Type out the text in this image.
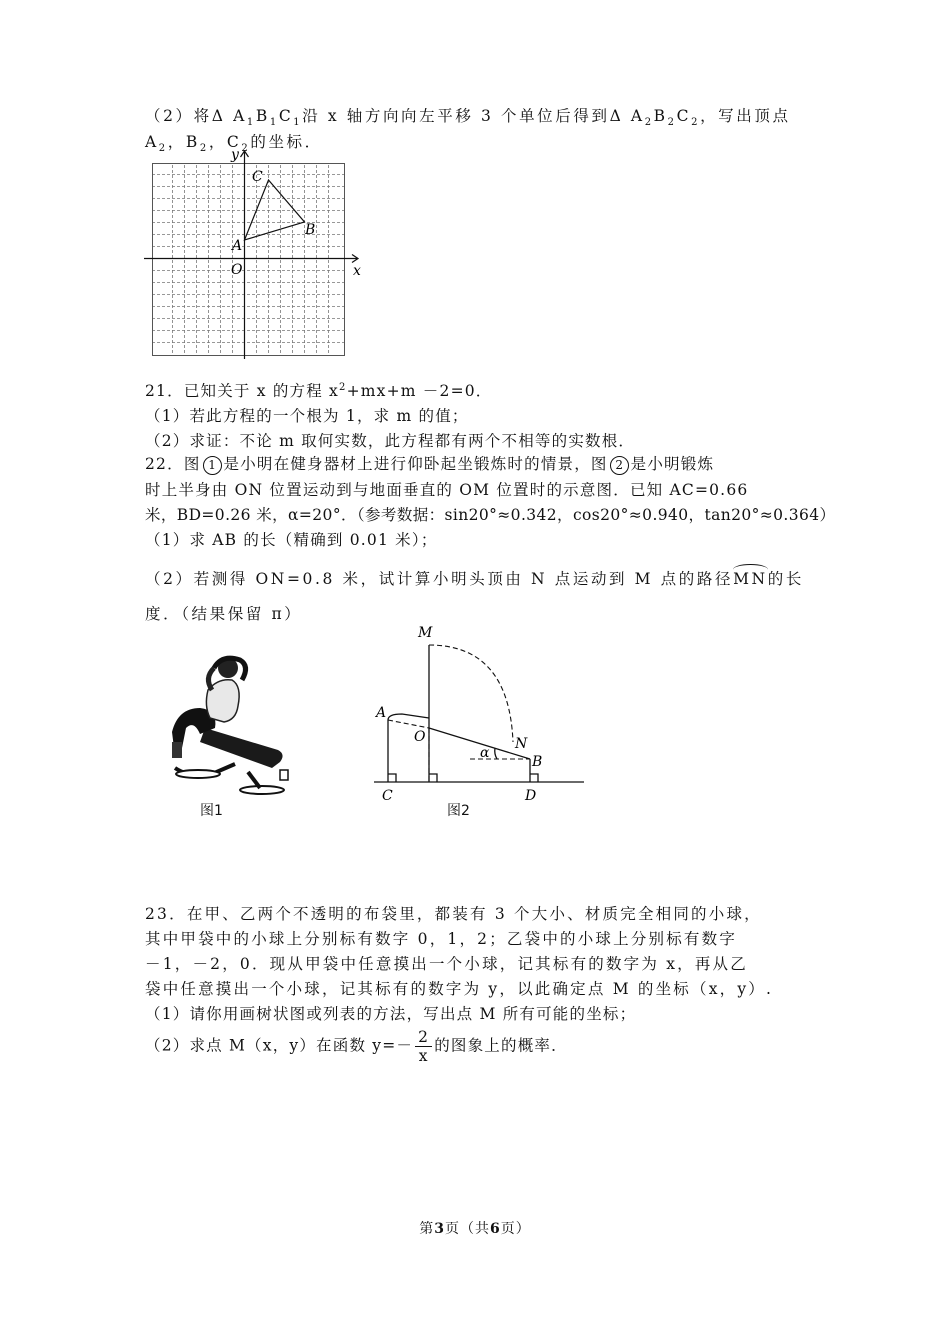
（2）将Δ $A_1B_1C_1$沿 x 轴方向向左平移 3 个单位后得到Δ $A_2B_2C_2$，写出顶点
$A_2$，$B_2$，$C_2$的坐标．
x
y
O
A
B
C
21．已知关于 x 的方程 $x^2+mx+m -2=0$．
（1）若此方程的一个根为 1，求 m 的值；
（2）求证：不论 m 取何实数，此方程都有两个不相等的实数根．
22．图 1 是小明在健身器材上进行仰卧起坐锻炼时的情景，图 2 是小明锻炼
时上半身由 ON 位置运动到与地面垂直的 OM 位置时的示意图．已知 AC=0.66
米，BD=0.26 米，α=20°．（参考数据：sin20°≈0.342，cos20°≈0.940，tan20°≈0.364）
（1）求 AB 的长（精确到 0.01 米）；
（2）若测得 ON=0.8 米，试计算小明头顶由 N 点运动到 M 点的路径MN的长
度．（结果保留 π）
图1
M
A
O
α
N
B
C	D
图2
23．在甲、乙两个不透明的布袋里，都装有 3 个大小、材质完全相同的小球，
其中甲袋中的小球上分别标有数字 0，1，2；乙袋中的小球上分别标有数字
－1，－2，0．现从甲袋中任意摸出一个小球，记其标有的数字为 x，再从乙
袋中任意摸出一个小球，记其标有的数字为 y，以此确定点 M 的坐标（x，y）.
（1）请你用画树状图或列表的方法，写出点 M 所有可能的坐标；
（2）求点 M（x，y）在函数 $y=- \frac{2}{x}$ 的图象上的概率．
第3页（共6页）
